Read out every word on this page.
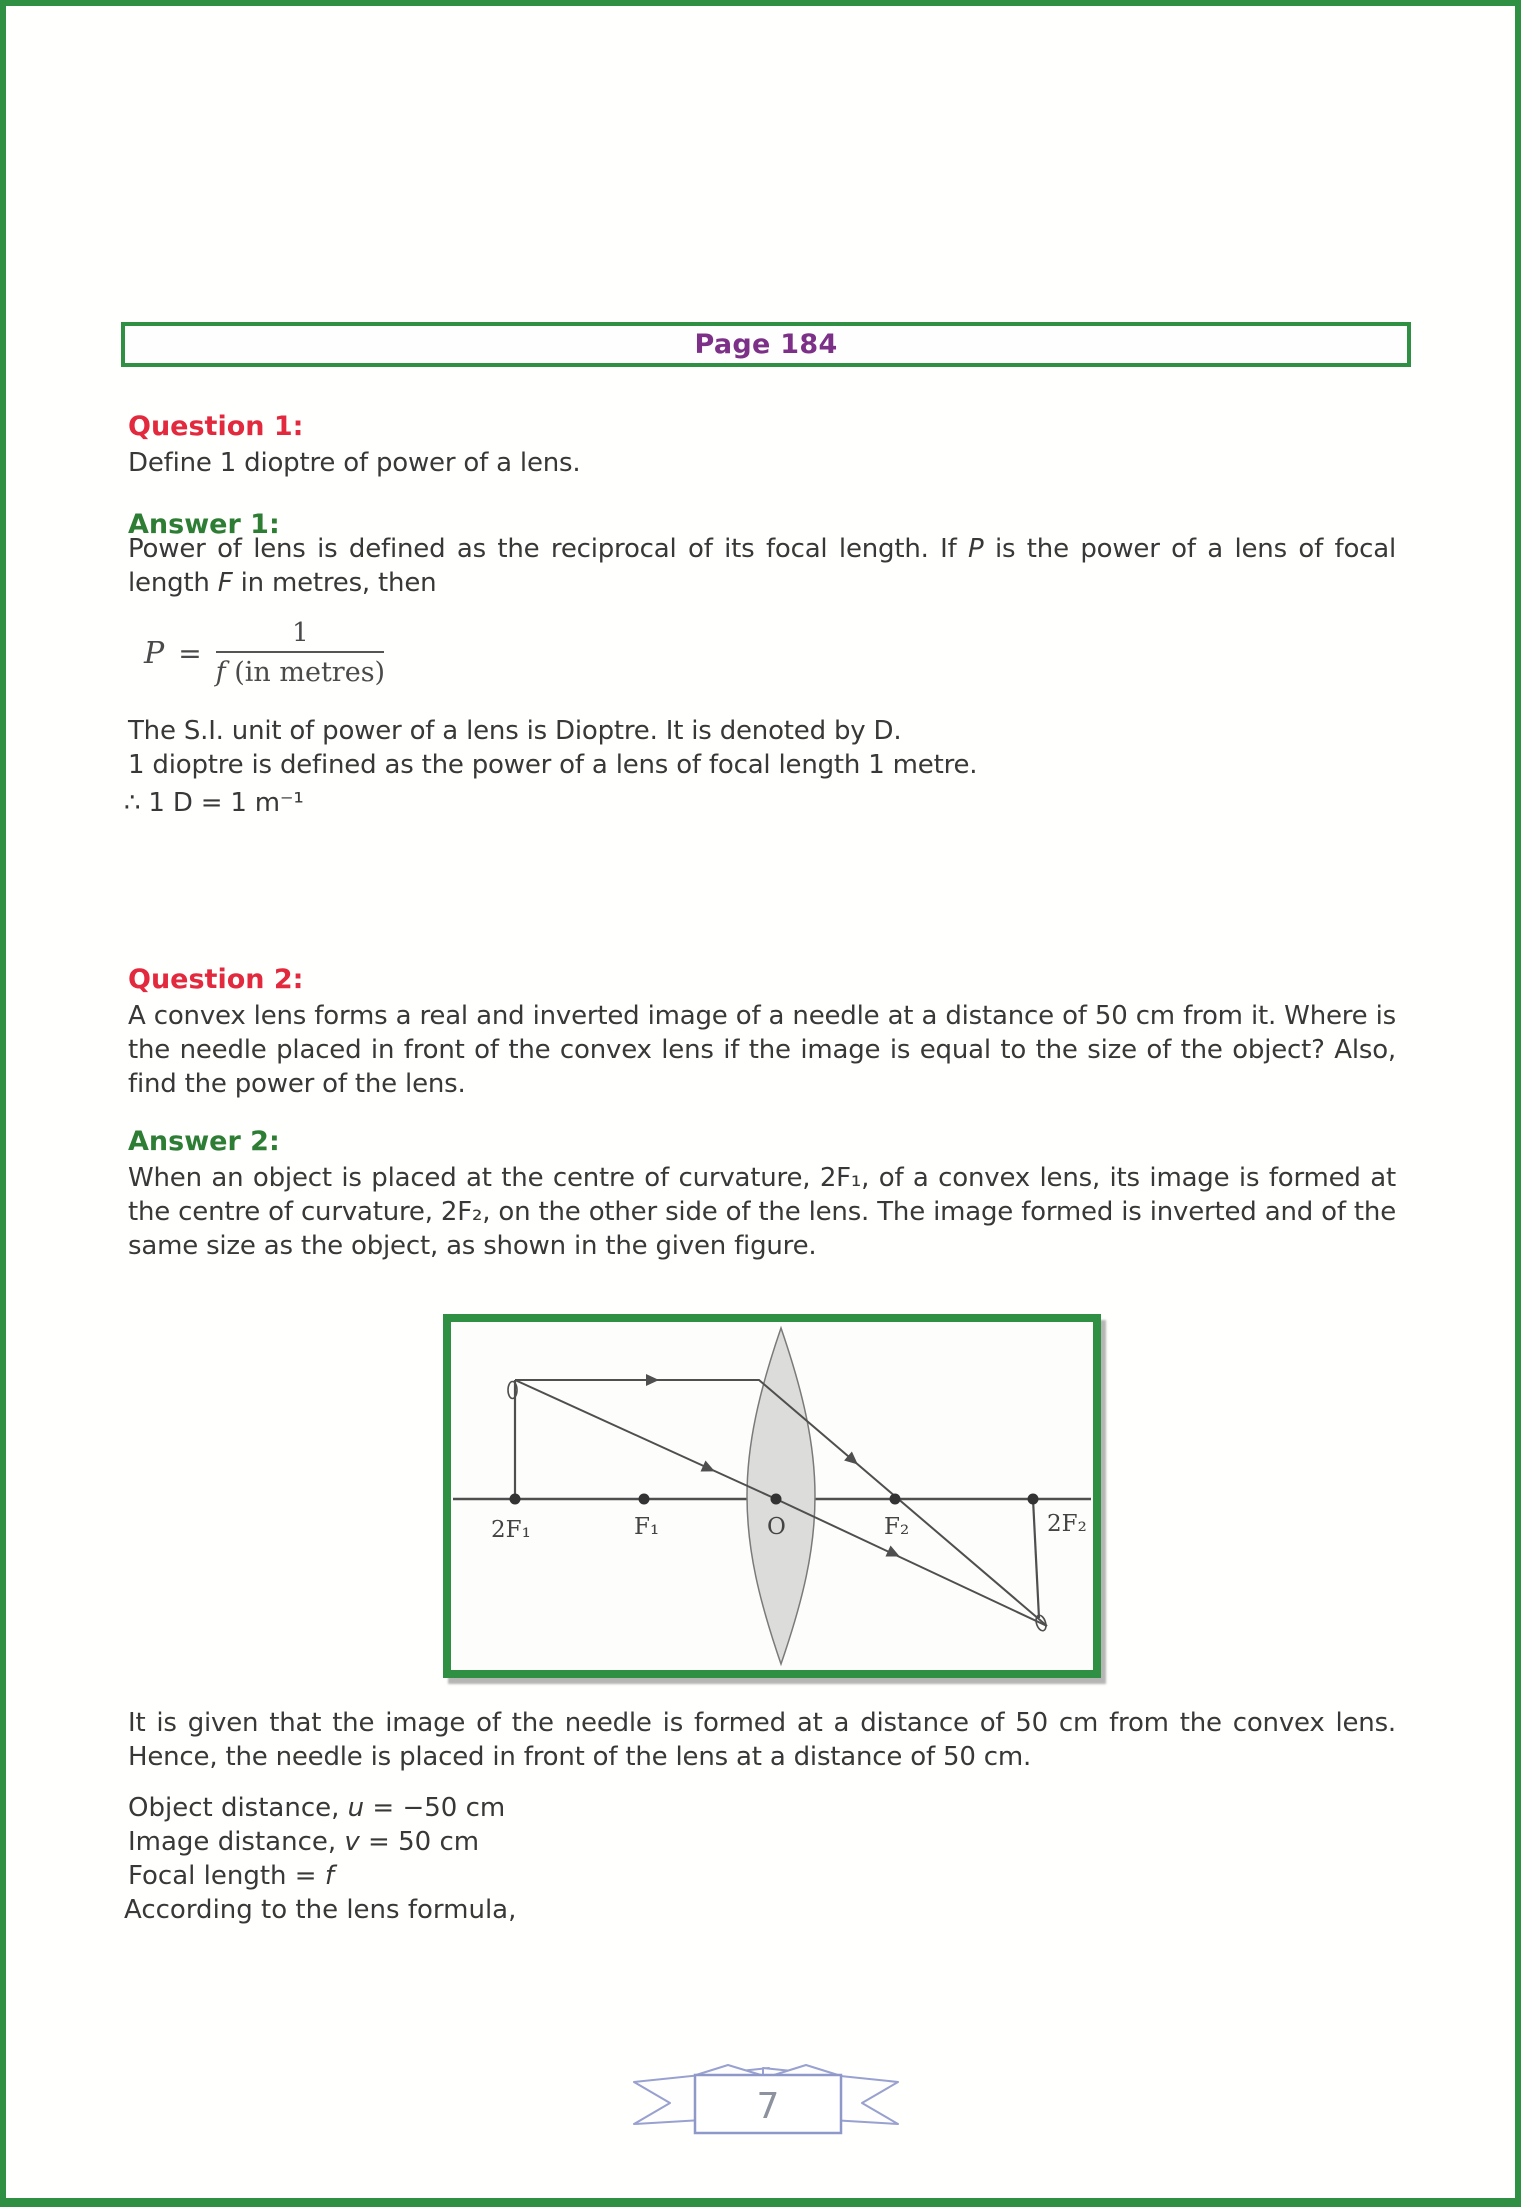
Page 184
Question 1:
Define 1 dioptre of power of a lens.
Answer 1:

Power of lens is defined as the reciprocal of its focal length. If P is the power of a lens of focal length F in metres, then

$P = \frac{1}{\text{f (in metres)}}$
The S.I. unit of power of a lens is Dioptre. It is denoted by D.
1 dioptre is defined as the power of a lens of focal length 1 metre.
∴ 1 D = 1 m⁻¹
Question 2:
A convex lens forms a real and inverted image of a needle at a distance of 50 cm from it. Where is the needle placed in front of the convex lens if the image is equal to the size of the object? Also, find the power of the lens.
Answer 2:
When an object is placed at the centre of curvature, 2F₁, of a convex lens, its image is formed at the centre of curvature, 2F₂, on the other side of the lens. The image formed is inverted and of the same size as the object, as shown in the given figure.
2F₁	F₁	O	F₂	2F₂
It is given that the image of the needle is formed at a distance of 50 cm from the convex lens. Hence, the needle is placed in front of the lens at a distance of 50 cm.
Object distance, u = −50 cm
Image distance, v = 50 cm
Focal length = f
According to the lens formula,
7
